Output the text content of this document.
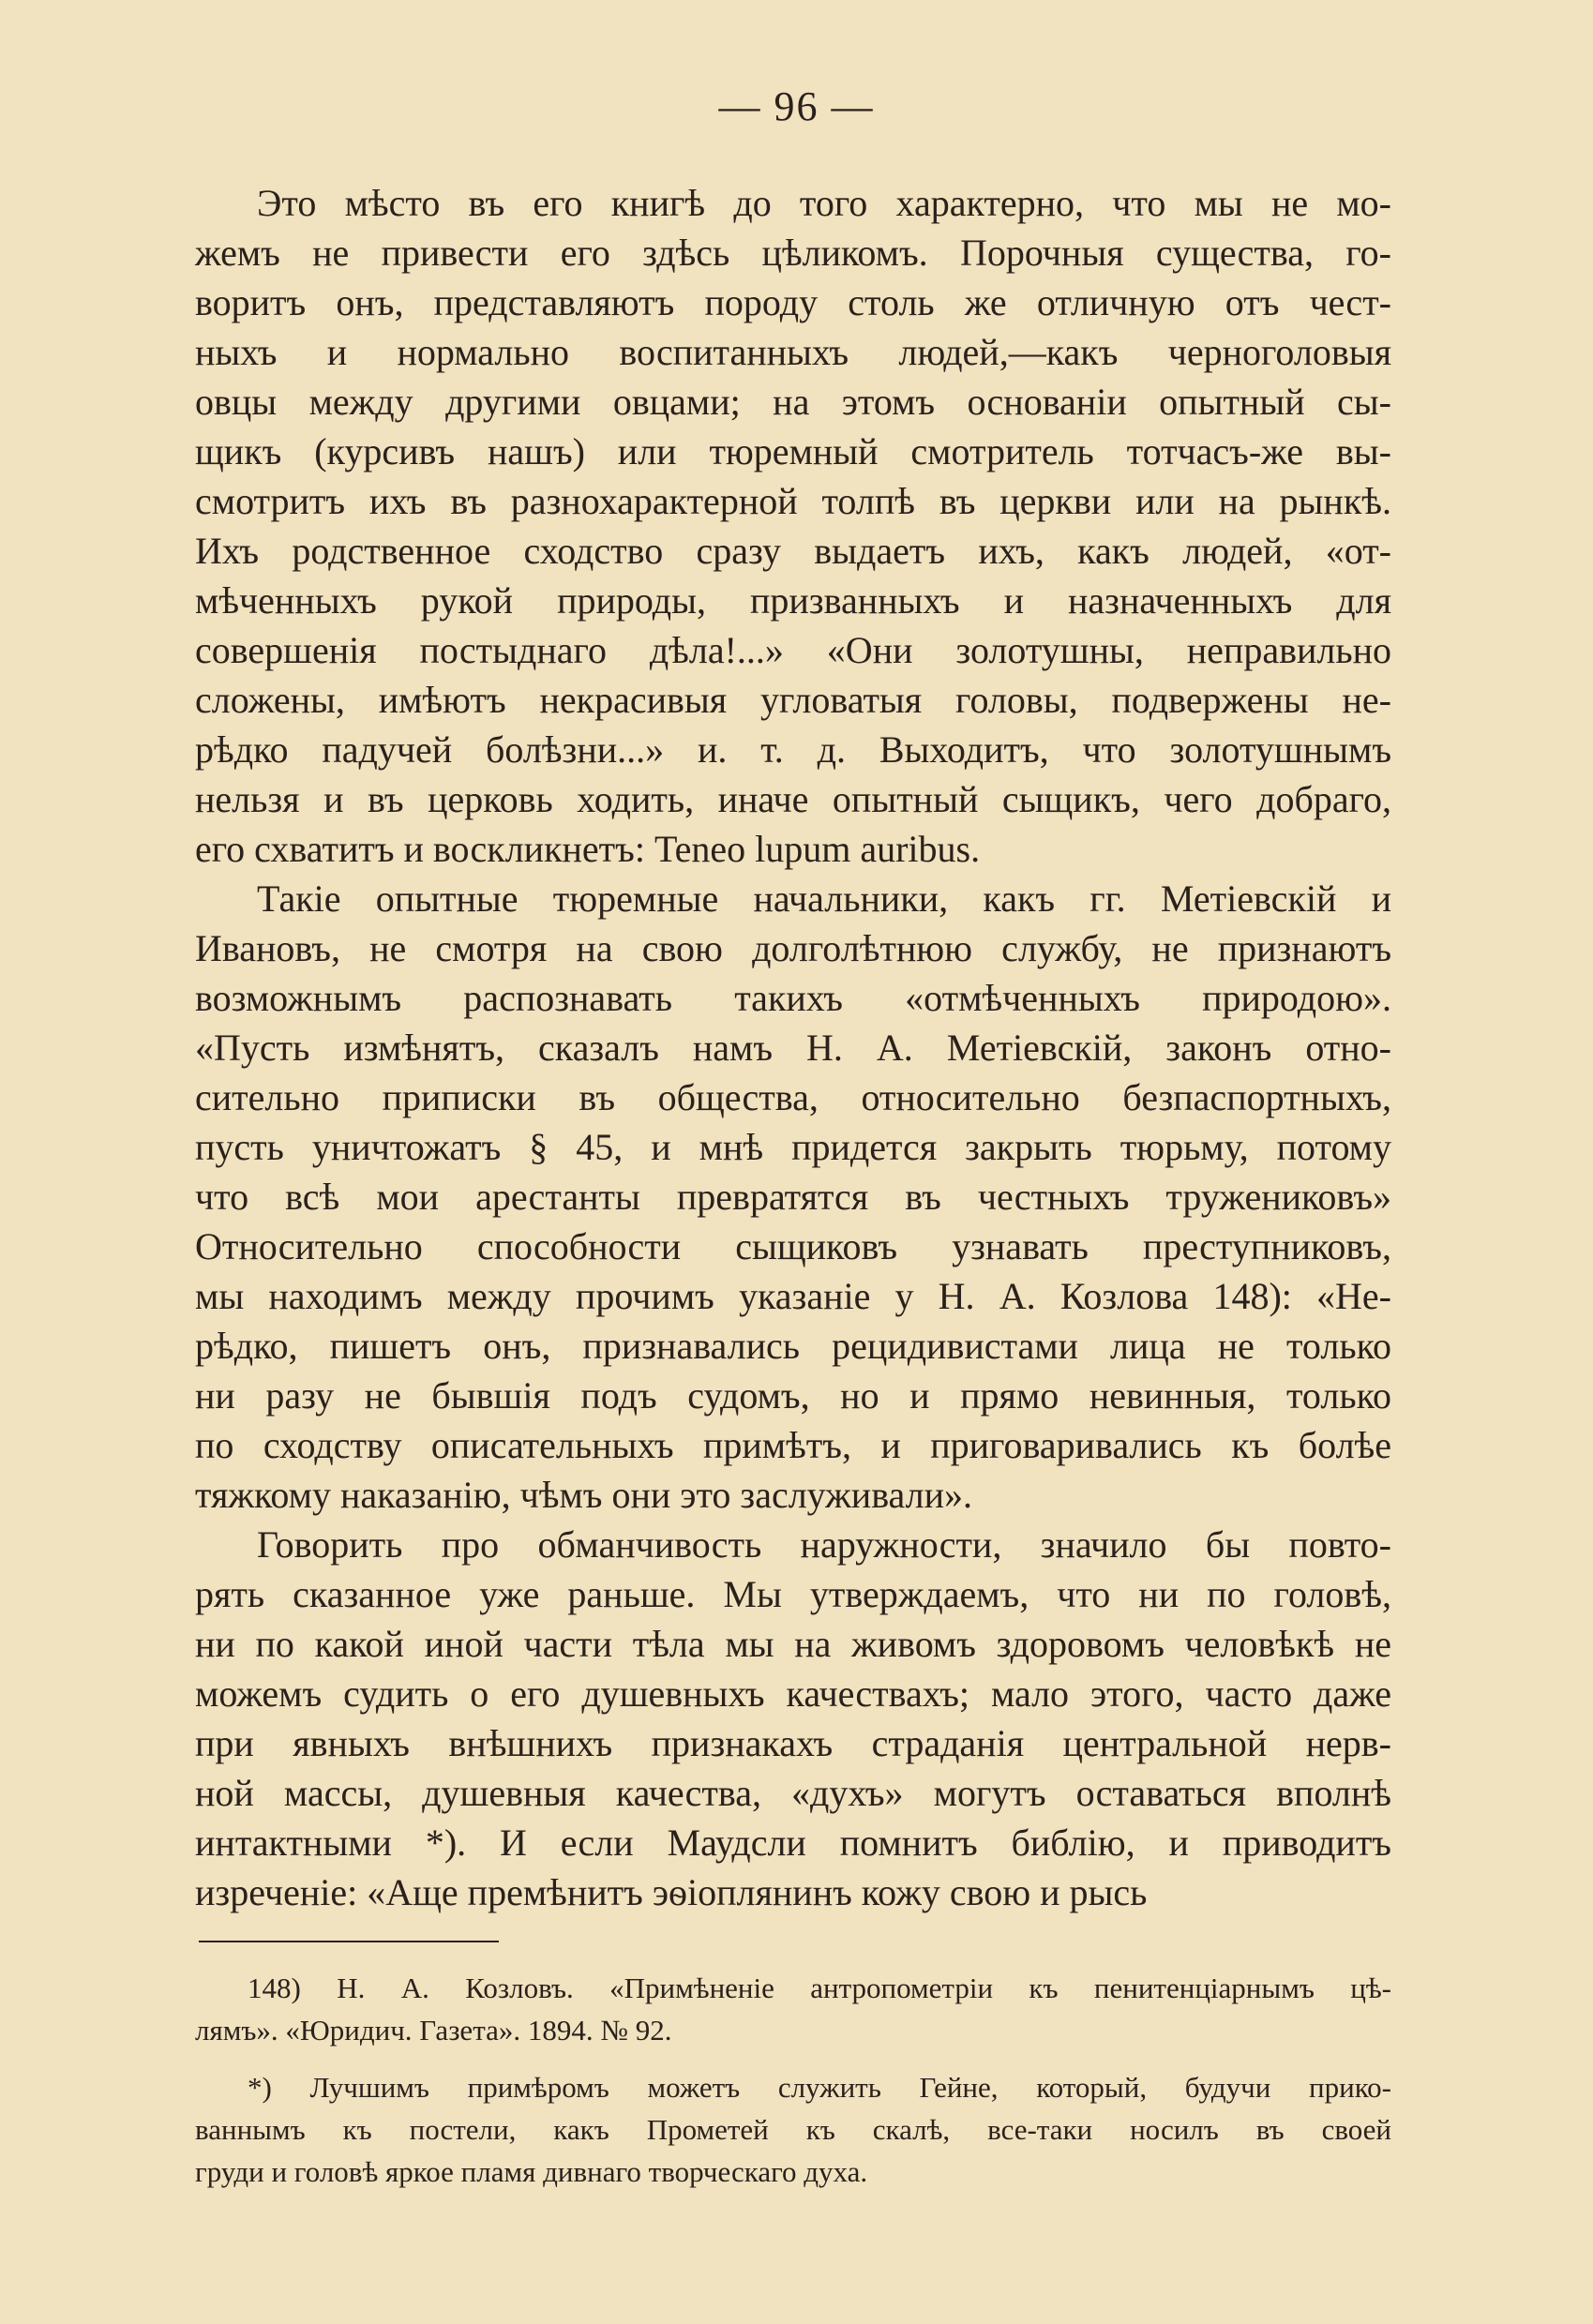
— 96 —

Это мѣсто въ его книгѣ до того характерно, что мы не мо-
жемъ не привести его здѣсь цѣликомъ. Порочныя существа, го-
воритъ онъ, представляютъ породу столь же отличную отъ чест-
ныхъ и нормально воспитанныхъ людей,—какъ черноголовыя
овцы между другими овцами; на этомъ основанiи опытный сы-
щикъ (курсивъ нашъ) или тюремный смотритель тотчасъ-же вы-
смотритъ ихъ въ разнохарактерной толпѣ въ церкви или на рынкѣ.
Ихъ родственное сходство сразу выдаетъ ихъ, какъ людей, «от-
мѣченныхъ рукой природы, призванныхъ и назначенныхъ для
совершенiя постыднаго дѣла!...» «Они золотушны, неправильно
сложены, имѣютъ некрасивыя угловатыя головы, подвержены не-
рѣдко падучей болѣзни...» и. т. д. Выходитъ, что золотушнымъ
нельзя и въ церковь ходить, иначе опытный сыщикъ, чего добраго,
его схватитъ и воскликнетъ: Teneo lupum auribus.

Такiе опытные тюремные начальники, какъ гг. Метiевскiй и
Ивановъ, не смотря на свою долголѣтнюю службу, не признаютъ
возможнымъ распознавать такихъ «отмѣченныхъ природою».
«Пусть измѣнятъ, сказалъ намъ Н. А. Метiевскiй, законъ отно-
сительно приписки въ общества, относительно безпаспортныхъ,
пусть уничтожатъ § 45, и мнѣ придется закрыть тюрьму, потому
что всѣ мои арестанты превратятся въ честныхъ тружениковъ»
Относительно способности сыщиковъ узнавать преступниковъ,
мы находимъ между прочимъ указанiе у Н. А. Козлова 148): «Не-
рѣдко, пишетъ онъ, признавались рецидивистами лица не только
ни разу не бывшiя подъ судомъ, но и прямо невинныя, только
по сходству описательныхъ примѣтъ, и приговаривались къ болѣе
тяжкому наказанiю, чѣмъ они это заслуживали».

Говорить про обманчивость наружности, значило бы повто-
рять сказанное уже раньше. Мы утверждаемъ, что ни по головѣ,
ни по какой иной части тѣла мы на живомъ здоровомъ человѣкѣ не
можемъ судить о его душевныхъ качествахъ; мало этого, часто даже
при явныхъ внѣшнихъ признакахъ страданiя центральной нерв-
ной массы, душевныя качества, «духъ» могутъ оставаться вполнѣ
интактными *). И если Маудсли помнитъ библiю, и приводитъ
изреченiе: «Аще премѣнитъ эѳiоплянинъ кожу свою и рысь

148) Н. А. Козловъ. «Примѣненiе антропометрiи къ пенитенцiарнымъ цѣ-
лямъ». «Юридич. Газета». 1894. № 92.
*) Лучшимъ примѣромъ можетъ служить Гейне, который, будучи прико-
ваннымъ къ постели, какъ Прометей къ скалѣ, все-таки носилъ въ своей
груди и головѣ яркое пламя дивнаго творческаго духа.
